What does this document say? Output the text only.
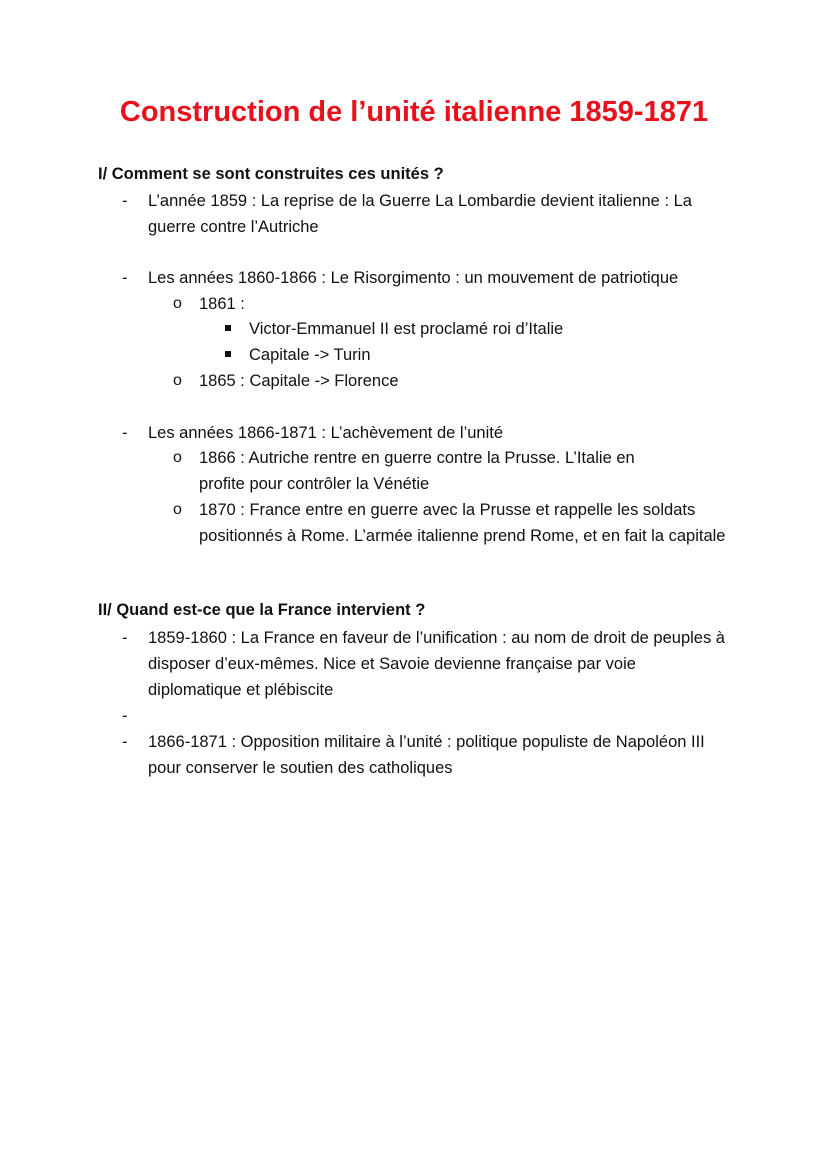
Construction de l’unité italienne 1859-1871

I/ Comment se sont construites ces unités ?

- L’année 1859 : La reprise de la Guerre La Lombardie devient italienne : La guerre contre l’Autriche

- Les années 1860-1866 : Le Risorgimento : un mouvement de patriotique

o 1861 :

Victor-Emmanuel II est proclamé roi d’Italie

Capitale -> Turin

o 1865 : Capitale -> Florence

- Les années 1866-1871 : L’achèvement de l’unité

o 1866 : Autriche rentre en guerre contre la Prusse. L’Italie en profite pour contrôler la Vénétie

o 1870 : France entre en guerre avec la Prusse et rappelle les soldats positionnés à Rome. L’armée italienne prend Rome, et en fait la capitale

II/ Quand est-ce que la France intervient ?

- 1859-1860 : La France en faveur de l’unification : au nom de droit de peuples à disposer d’eux-mêmes. Nice et Savoie devienne française par voie diplomatique et plébiscite

-

- 1866-1871 : Opposition militaire à l’unité : politique populiste de Napoléon III pour conserver le soutien des catholiques
